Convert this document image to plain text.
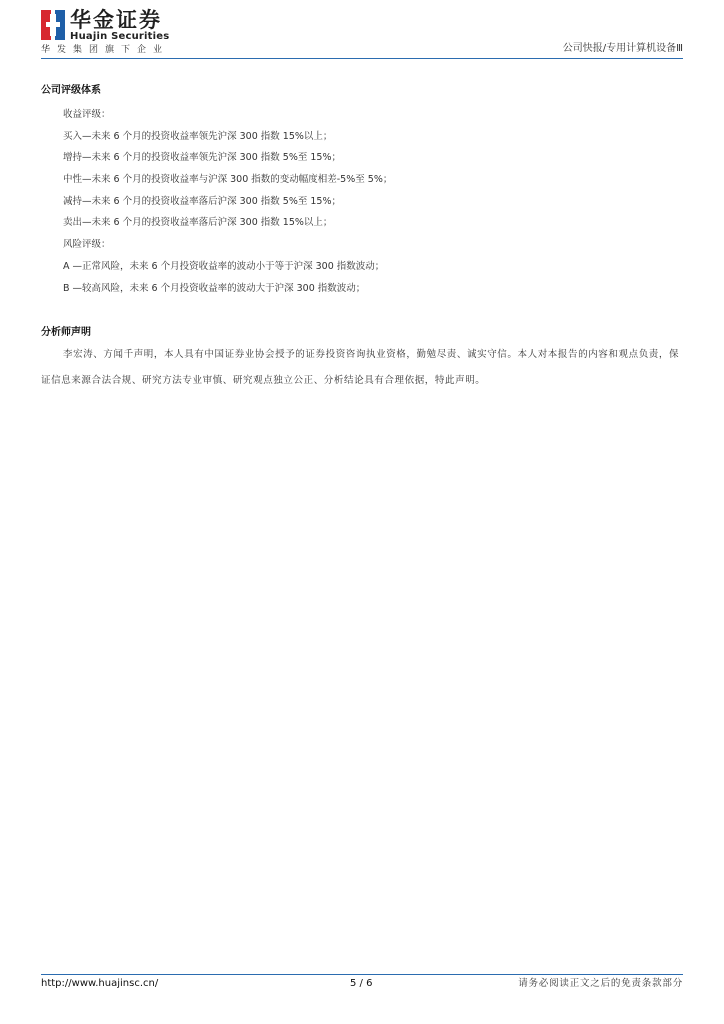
华金证券
Huajin Securities
华发集团旗下企业	公司快报/专用计算机设备Ⅲ
公司评级体系
收益评级：
买入—未来 6 个月的投资收益率领先沪深 300 指数 15%以上；
增持—未来 6 个月的投资收益率领先沪深 300 指数 5%至 15%；
中性—未来 6 个月的投资收益率与沪深 300 指数的变动幅度相差-5%至 5%；
减持—未来 6 个月的投资收益率落后沪深 300 指数 5%至 15%；
卖出—未来 6 个月的投资收益率落后沪深 300 指数 15%以上；
风险评级：
A —正常风险，未来 6 个月投资收益率的波动小于等于沪深 300 指数波动；
B —较高风险，未来 6 个月投资收益率的波动大于沪深 300 指数波动；
分析师声明
李宏涛、方闻千声明，本人具有中国证券业协会授予的证券投资咨询执业资格，勤勉尽责、诚实守信。本人对本报告的内容和观点负责，保证信息来源合法合规、研究方法专业审慎、研究观点独立公正、分析结论具有合理依据，特此声明。
http://www.huajinsc.cn/	5 / 6	请务必阅读正文之后的免责条款部分
